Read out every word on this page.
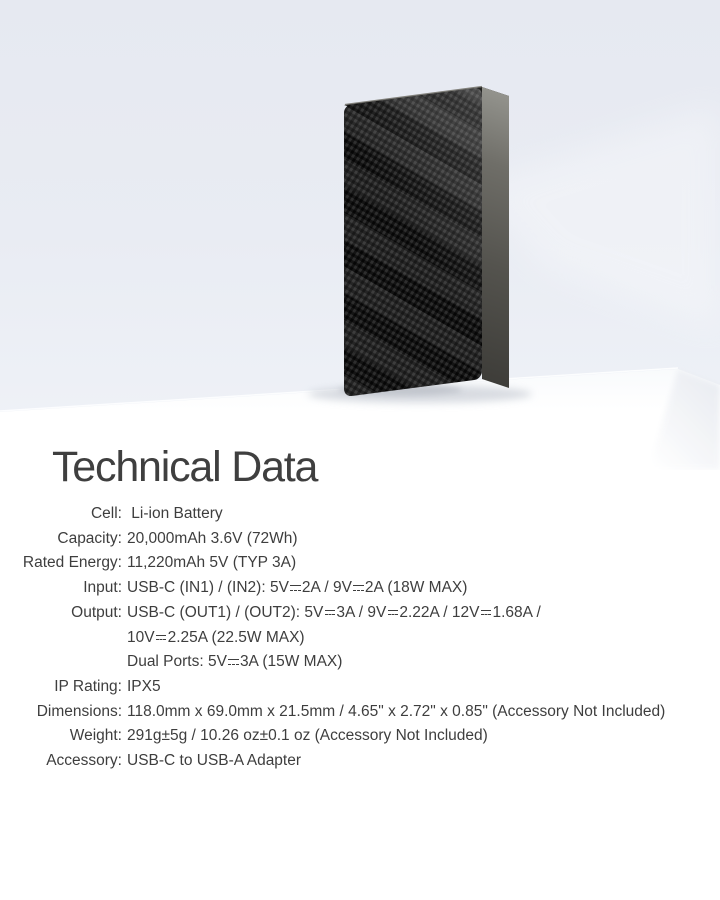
Technical Data
Cell: Li-ion Battery
Capacity: 20,000mAh 3.6V (72Wh)
Rated Energy: 11,220mAh 5V (TYP 3A)
Input: USB-C (IN1) / (IN2): 5V 2A / 9V 2A (18W MAX)
Output: USB-C (OUT1) / (OUT2): 5V 3A / 9V 2.22A / 12V 1.68A /
10V 2.25A (22.5W MAX)
Dual Ports: 5V 3A (15W MAX)
IP Rating: IPX5
Dimensions: 118.0mm x 69.0mm x 21.5mm / 4.65" x 2.72" x 0.85" (Accessory Not Included)
Weight: 291g±5g / 10.26 oz±0.1 oz (Accessory Not Included)
Accessory: USB-C to USB-A Adapter
